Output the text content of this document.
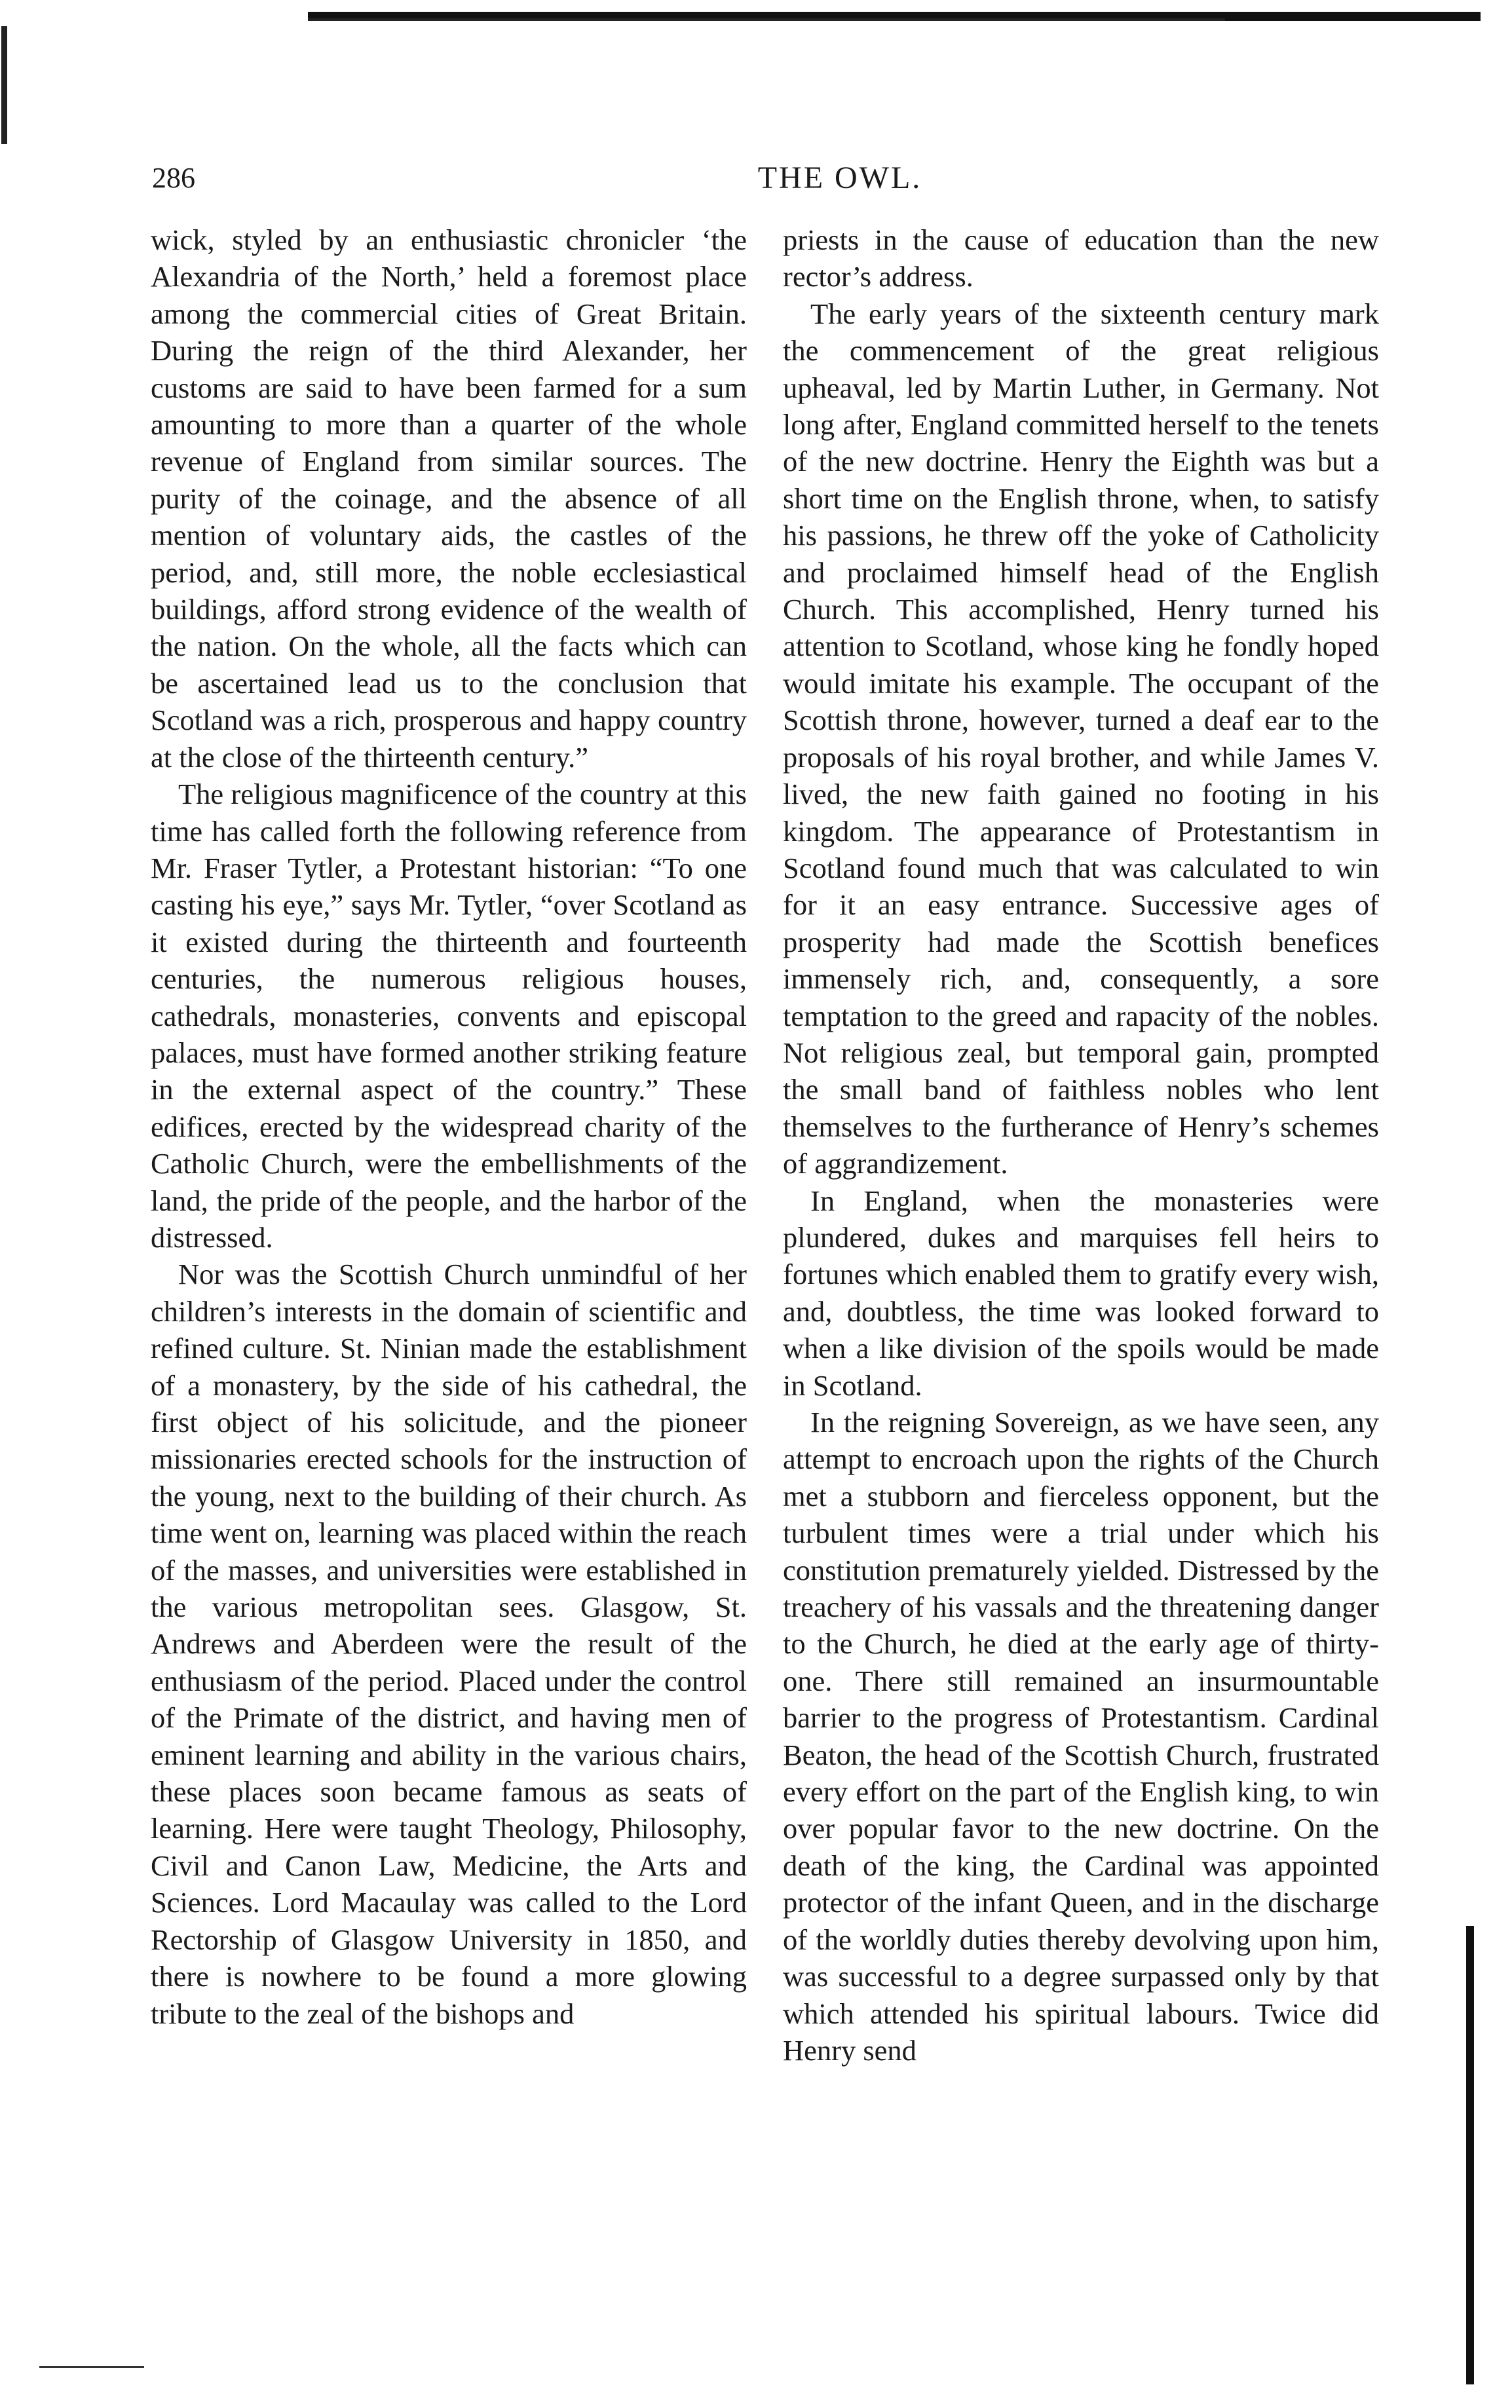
286	THE OWL.

wick, styled by an enthusiastic chronicler ‘the Alexandria of the North,’ held a foremost place among the commercial cities of Great Britain. During the reign of the third Alexander, her customs are said to have been farmed for a sum amounting to more than a quarter of the whole revenue of England from similar sources. The purity of the coinage, and the absence of all mention of voluntary aids, the castles of the period, and, still more, the noble ecclesiastical buildings, afford strong evidence of the wealth of the nation. On the whole, all the facts which can be ascertained lead us to the conclusion that Scotland was a rich, prosperous and happy country at the close of the thirteenth century.”

The religious magnificence of the country at this time has called forth the following reference from Mr. Fraser Tytler, a Protestant historian: “To one casting his eye,” says Mr. Tytler, “over Scotland as it existed during the thirteenth and fourteenth centuries, the numerous religious houses, cathedrals, monasteries, convents and episcopal palaces, must have formed another striking feature in the external aspect of the country.” These edifices, erected by the widespread charity of the Catholic Church, were the embellishments of the land, the pride of the people, and the harbor of the distressed.

Nor was the Scottish Church unmindful of her children’s interests in the domain of scientific and refined culture. St. Ninian made the establishment of a monastery, by the side of his cathedral, the first object of his solicitude, and the pioneer missionaries erected schools for the instruction of the young, next to the building of their church. As time went on, learning was placed within the reach of the masses, and universities were established in the various metropolitan sees. Glasgow, St. Andrews and Aberdeen were the result of the enthusiasm of the period. Placed under the control of the Primate of the district, and having men of eminent learning and ability in the various chairs, these places soon became famous as seats of learning. Here were taught Theology, Philosophy, Civil and Canon Law, Medicine, the Arts and Sciences. Lord Macaulay was called to the Lord Rectorship of Glasgow University in 1850, and there is nowhere to be found a more glowing tribute to the zeal of the bishops and

priests in the cause of education than the new rector’s address.

The early years of the sixteenth century mark the commencement of the great religious upheaval, led by Martin Luther, in Germany. Not long after, England committed herself to the tenets of the new doctrine. Henry the Eighth was but a short time on the English throne, when, to satisfy his passions, he threw off the yoke of Catholicity and proclaimed himself head of the English Church. This accomplished, Henry turned his attention to Scotland, whose king he fondly hoped would imitate his example. The occupant of the Scottish throne, however, turned a deaf ear to the proposals of his royal brother, and while James V. lived, the new faith gained no footing in his kingdom. The appearance of Protestantism in Scotland found much that was calculated to win for it an easy entrance. Successive ages of prosperity had made the Scottish benefices immensely rich, and, consequently, a sore temptation to the greed and rapacity of the nobles. Not religious zeal, but temporal gain, prompted the small band of faithless nobles who lent themselves to the furtherance of Henry’s schemes of aggrandizement.

In England, when the monasteries were plundered, dukes and marquises fell heirs to fortunes which enabled them to gratify every wish, and, doubtless, the time was looked forward to when a like division of the spoils would be made in Scotland.

In the reigning Sovereign, as we have seen, any attempt to encroach upon the rights of the Church met a stubborn and fierceless opponent, but the turbulent times were a trial under which his constitution prematurely yielded. Distressed by the treachery of his vassals and the threatening danger to the Church, he died at the early age of thirty-one. There still remained an insurmountable barrier to the progress of Protestantism. Cardinal Beaton, the head of the Scottish Church, frustrated every effort on the part of the English king, to win over popular favor to the new doctrine. On the death of the king, the Cardinal was appointed protector of the infant Queen, and in the discharge of the worldly duties thereby devolving upon him, was successful to a degree surpassed only by that which attended his spiritual labours. Twice did Henry send
